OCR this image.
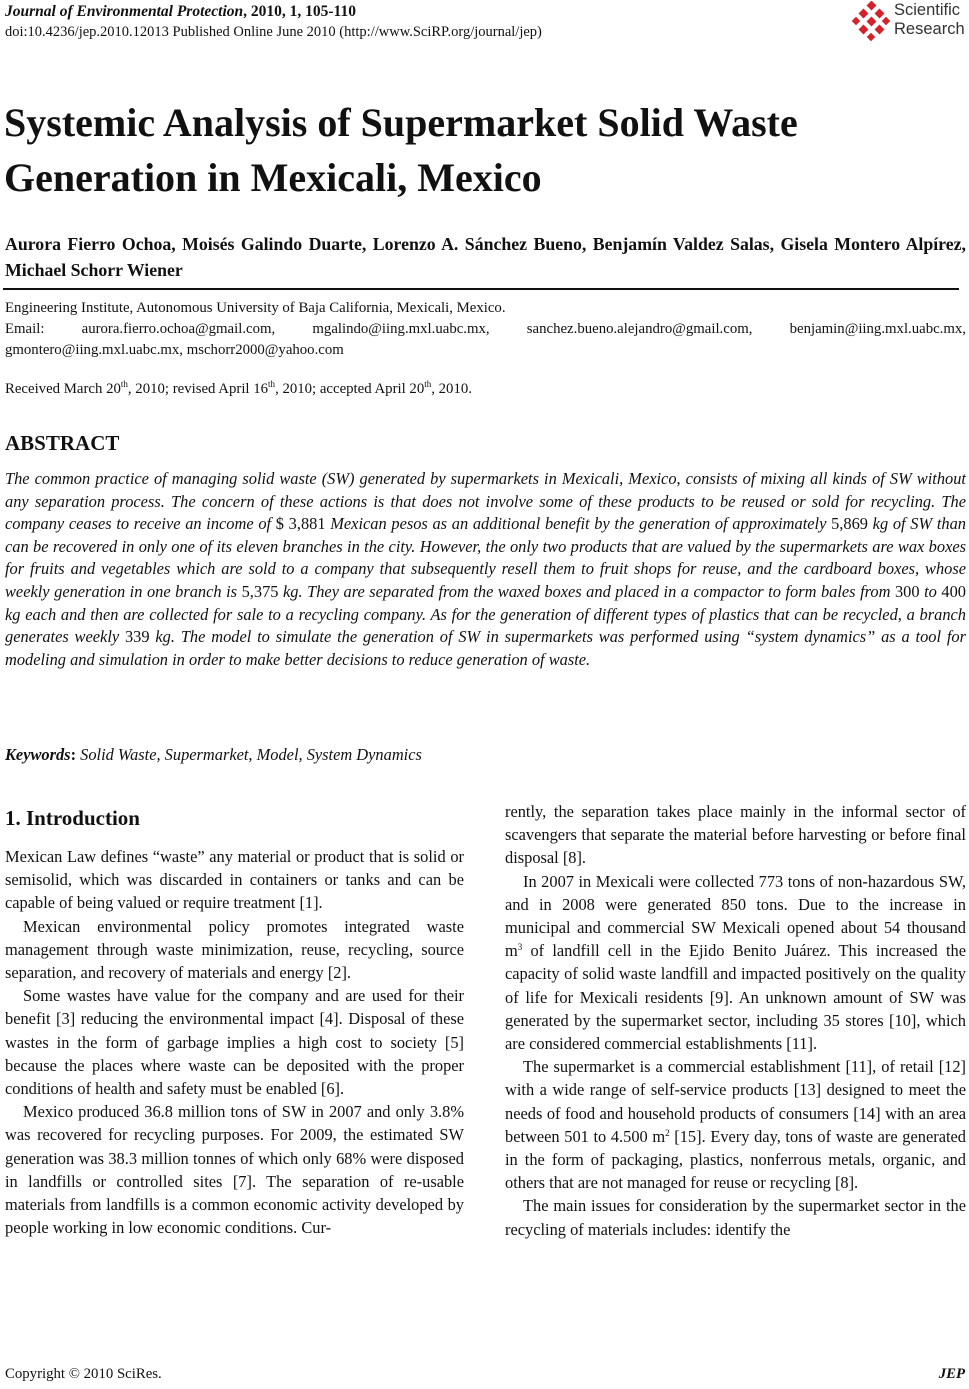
Journal of Environmental Protection, 2010, 1, 105-110
doi:10.4236/jep.2010.12013 Published Online June 2010 (http://www.SciRP.org/journal/jep)
Scientific
Research
Systemic Analysis of Supermarket Solid Waste Generation in Mexicali, Mexico
Aurora Fierro Ochoa, Moisés Galindo Duarte, Lorenzo A. Sánchez Bueno, Benjamín Valdez Salas, Gisela Montero Alpírez, Michael Schorr Wiener
Engineering Institute, Autonomous University of Baja California, Mexicali, Mexico.
Email: aurora.fierro.ochoa@gmail.com, mgalindo@iing.mxl.uabc.mx, sanchez.bueno.alejandro@gmail.com, benjamin@iing.mxl.uabc.mx, gmontero@iing.mxl.uabc.mx, mschorr2000@yahoo.com
Received March 20th, 2010; revised April 16th, 2010; accepted April 20th, 2010.
ABSTRACT
The common practice of managing solid waste (SW) generated by supermarkets in Mexicali, Mexico, consists of mixing all kinds of SW without any separation process. The concern of these actions is that does not involve some of these products to be reused or sold for recycling. The company ceases to receive an income of $ 3,881 Mexican pesos as an additional benefit by the generation of approximately 5,869 kg of SW than can be recovered in only one of its eleven branches in the city. However, the only two products that are valued by the supermarkets are wax boxes for fruits and vegetables which are sold to a company that subsequently resell them to fruit shops for reuse, and the cardboard boxes, whose weekly generation in one branch is 5,375 kg. They are separated from the waxed boxes and placed in a compactor to form bales from 300 to 400 kg each and then are collected for sale to a recycling company. As for the generation of different types of plastics that can be recycled, a branch generates weekly 339 kg. The model to simulate the generation of SW in supermarkets was performed using “system dynamics” as a tool for modeling and simulation in order to make better decisions to reduce generation of waste.
Keywords: Solid Waste, Supermarket, Model, System Dynamics
1. Introduction

Mexican Law defines “waste” any material or product that is solid or semisolid, which was discarded in containers or tanks and can be capable of being valued or require treatment [1].

Mexican environmental policy promotes integrated waste management through waste minimization, reuse, recycling, source separation, and recovery of materials and energy [2].

Some wastes have value for the company and are used for their benefit [3] reducing the environmental impact [4]. Disposal of these wastes in the form of garbage implies a high cost to society [5] because the places where waste can be deposited with the proper conditions of health and safety must be enabled [6].

Mexico produced 36.8 million tons of SW in 2007 and only 3.8% was recovered for recycling purposes. For 2009, the estimated SW generation was 38.3 million tonnes of which only 68% were disposed in landfills or controlled sites [7]. The separation of re-usable materials from landfills is a common economic activity developed by people working in low economic conditions. Cur-

rently, the separation takes place mainly in the informal sector of scavengers that separate the material before harvesting or before final disposal [8].

In 2007 in Mexicali were collected 773 tons of non-hazardous SW, and in 2008 were generated 850 tons. Due to the increase in municipal and commercial SW Mexicali opened about 54 thousand $m^3$ of landfill cell in the Ejido Benito Juárez. This increased the capacity of solid waste landfill and impacted positively on the quality of life for Mexicali residents [9]. An unknown amount of SW was generated by the supermarket sector, including 35 stores [10], which are considered commercial establishments [11].

The supermarket is a commercial establishment [11], of retail [12] with a wide range of self-service products [13] designed to meet the needs of food and household products of consumers [14] with an area between 501 to 4.500 $m^2$ [15]. Every day, tons of waste are generated in the form of packaging, plastics, nonferrous metals, organic, and others that are not managed for reuse or recycling [8].

The main issues for consideration by the supermarket sector in the recycling of materials includes: identify the

Copyright © 2010 SciRes.	JEP
